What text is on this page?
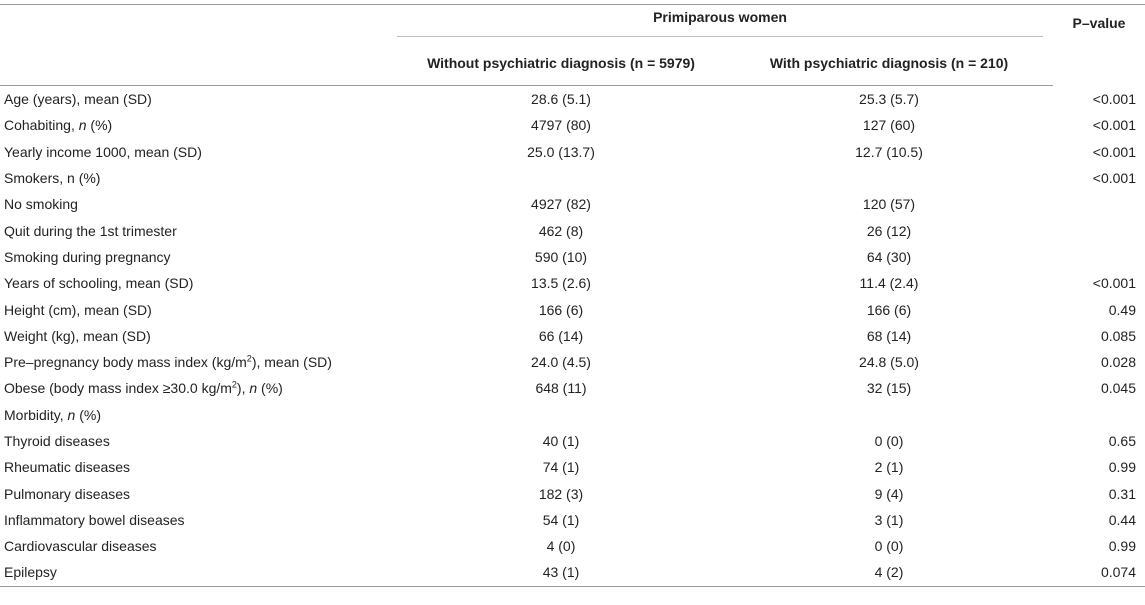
	Primiparous women		P–value
	Without psychiatric diagnosis (n = 5979)	With psychiatric diagnosis (n = 210)	
Age (years), mean (SD)	28.6 (5.1)	25.3 (5.7)	<0.001
Cohabiting, n (%)	4797 (80)	127 (60)	<0.001
Yearly income 1000, mean (SD)	25.0 (13.7)	12.7 (10.5)	<0.001
Smokers, n (%)			<0.001
No smoking	4927 (82)	120 (57)	
Quit during the 1st trimester	462 (8)	26 (12)	
Smoking during pregnancy	590 (10)	64 (30)	
Years of schooling, mean (SD)	13.5 (2.6)	11.4 (2.4)	<0.001
Height (cm), mean (SD)	166 (6)	166 (6)	0.49
Weight (kg), mean (SD)	66 (14)	68 (14)	0.085
Pre–pregnancy body mass index $(kg/m^2)$, mean (SD)	24.0 (4.5)	24.8 (5.0)	0.028
Obese (body mass index ≥30.0 $kg/m^2$), n (%)	648 (11)	32 (15)	0.045
Morbidity, n (%)			
Thyroid diseases	40 (1)	0 (0)	0.65
Rheumatic diseases	74 (1)	2 (1)	0.99
Pulmonary diseases	182 (3)	9 (4)	0.31
Inflammatory bowel diseases	54 (1)	3 (1)	0.44
Cardiovascular diseases	4 (0)	0 (0)	0.99
Epilepsy	43 (1)	4 (2)	0.074
